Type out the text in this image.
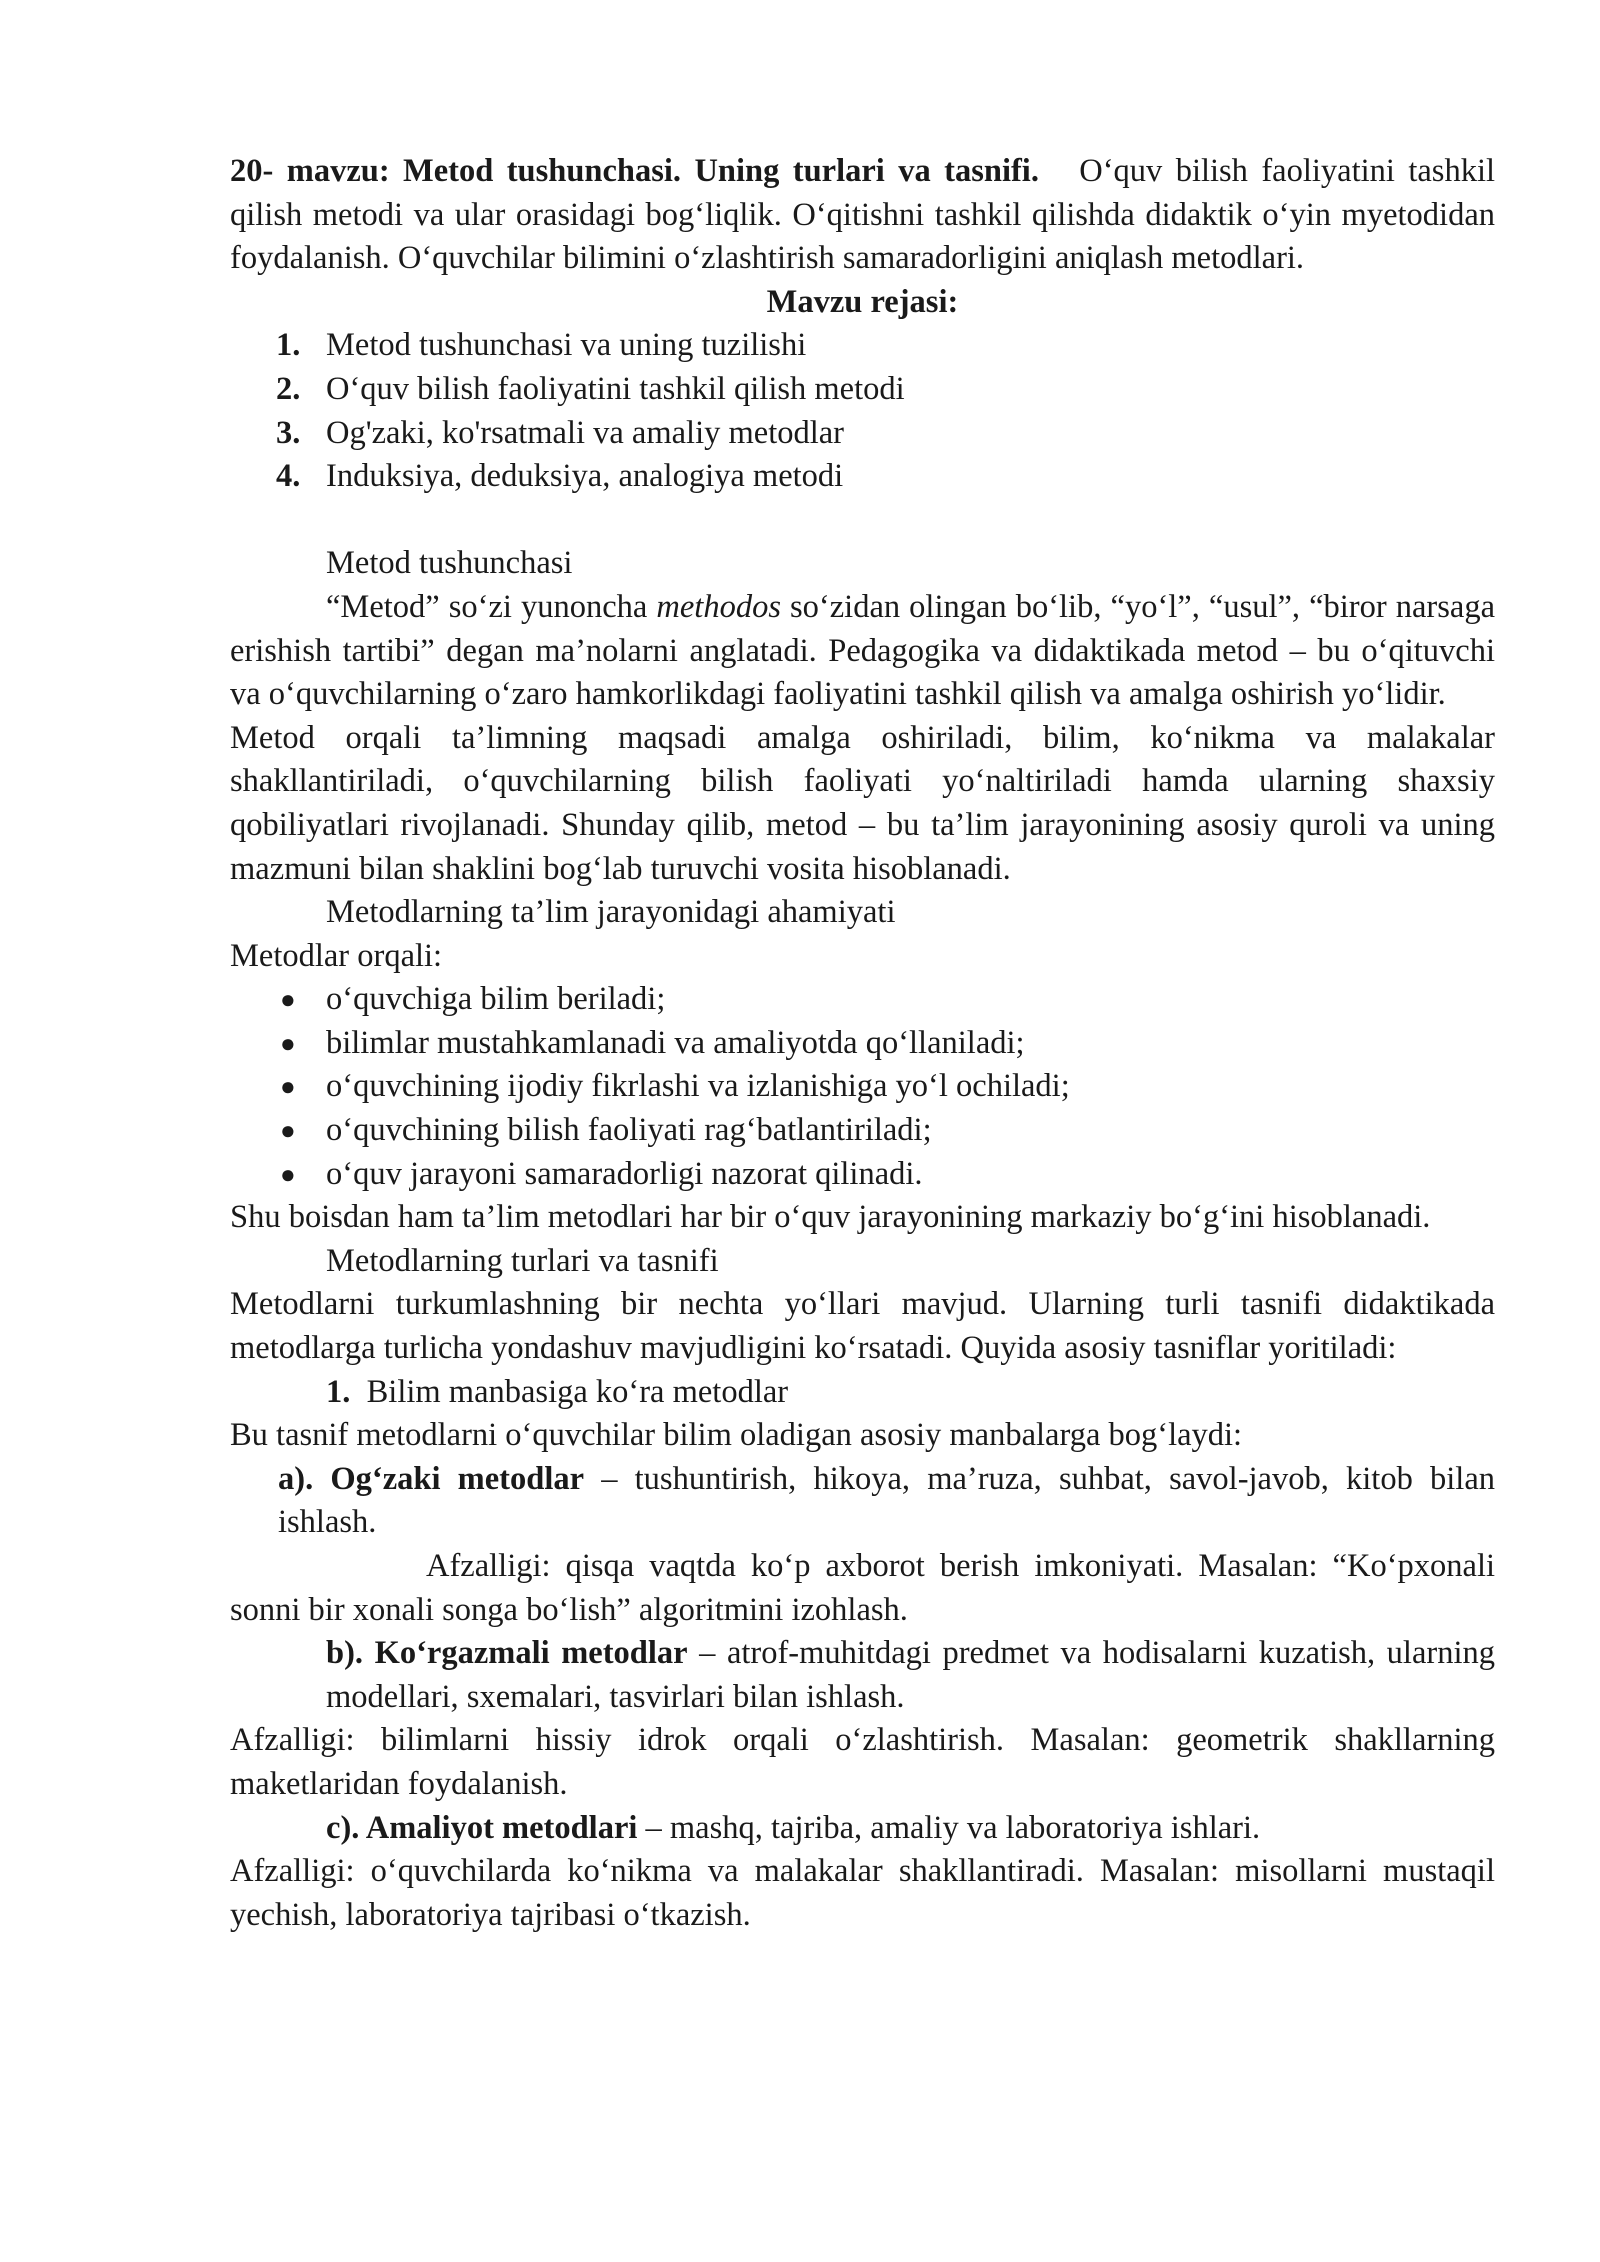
20- mavzu: Metod tushunchasi. Uning turlari va tasnifi. O‘quv bilish faoliyatini tashkil qilish metodi va ular orasidagi bog‘liqlik. O‘qitishni tashkil qilishda didaktik o‘yin myetodidan foydalanish. O‘quvchilar bilimini o‘zlashtirish samaradorligini aniqlash metodlari.

Mavzu rejasi:

1. Metod tushunchasi va uning tuzilishi
2. O‘quv bilish faoliyatini tashkil qilish metodi
3. Og'zaki, ko'rsatmali va amaliy metodlar
4. Induksiya, deduksiya, analogiya metodi

Metod tushunchasi

“Metod” so‘zi yunoncha methodos so‘zidan olingan bo‘lib, “yo‘l”, “usul”, “biror narsaga erishish tartibi” degan ma’nolarni anglatadi. Pedagogika va didaktikada metod – bu o‘qituvchi va o‘quvchilarning o‘zaro hamkorlikdagi faoliyatini tashkil qilish va amalga oshirish yo‘lidir.

Metod orqali ta’limning maqsadi amalga oshiriladi, bilim, ko‘nikma va malakalar shakllantiriladi, o‘quvchilarning bilish faoliyati yo‘naltiriladi hamda ularning shaxsiy qobiliyatlari rivojlanadi. Shunday qilib, metod – bu ta’lim jarayonining asosiy quroli va uning mazmuni bilan shaklini bog‘lab turuvchi vosita hisoblanadi.

Metodlarning ta’lim jarayonidagi ahamiyati

Metodlar orqali:

● o‘quvchiga bilim beriladi;
● bilimlar mustahkamlanadi va amaliyotda qo‘llaniladi;
● o‘quvchining ijodiy fikrlashi va izlanishiga yo‘l ochiladi;
● o‘quvchining bilish faoliyati rag‘batlantiriladi;
● o‘quv jarayoni samaradorligi nazorat qilinadi.

Shu boisdan ham ta’lim metodlari har bir o‘quv jarayonining markaziy bo‘g‘ini hisoblanadi.

Metodlarning turlari va tasnifi

Metodlarni turkumlashning bir nechta yo‘llari mavjud. Ularning turli tasnifi didaktikada metodlarga turlicha yondashuv mavjudligini ko‘rsatadi. Quyida asosiy tasniflar yoritiladi:

1. Bilim manbasiga ko‘ra metodlar

Bu tasnif metodlarni o‘quvchilar bilim oladigan asosiy manbalarga bog‘laydi:

a). Og‘zaki metodlar – tushuntirish, hikoya, ma’ruza, suhbat, savol-javob, kitob bilan ishlash.

Afzalligi: qisqa vaqtda ko‘p axborot berish imkoniyati. Masalan: “Ko‘pxonali sonni bir xonali songa bo‘lish” algoritmini izohlash.

b). Ko‘rgazmali metodlar – atrof-muhitdagi predmet va hodisalarni kuzatish, ularning modellari, sxemalari, tasvirlari bilan ishlash.

Afzalligi: bilimlarni hissiy idrok orqali o‘zlashtirish. Masalan: geometrik shakllarning maketlaridan foydalanish.

c). Amaliyot metodlari – mashq, tajriba, amaliy va laboratoriya ishlari.

Afzalligi: o‘quvchilarda ko‘nikma va malakalar shakllantiradi. Masalan: misollarni mustaqil yechish, laboratoriya tajribasi o‘tkazish.
